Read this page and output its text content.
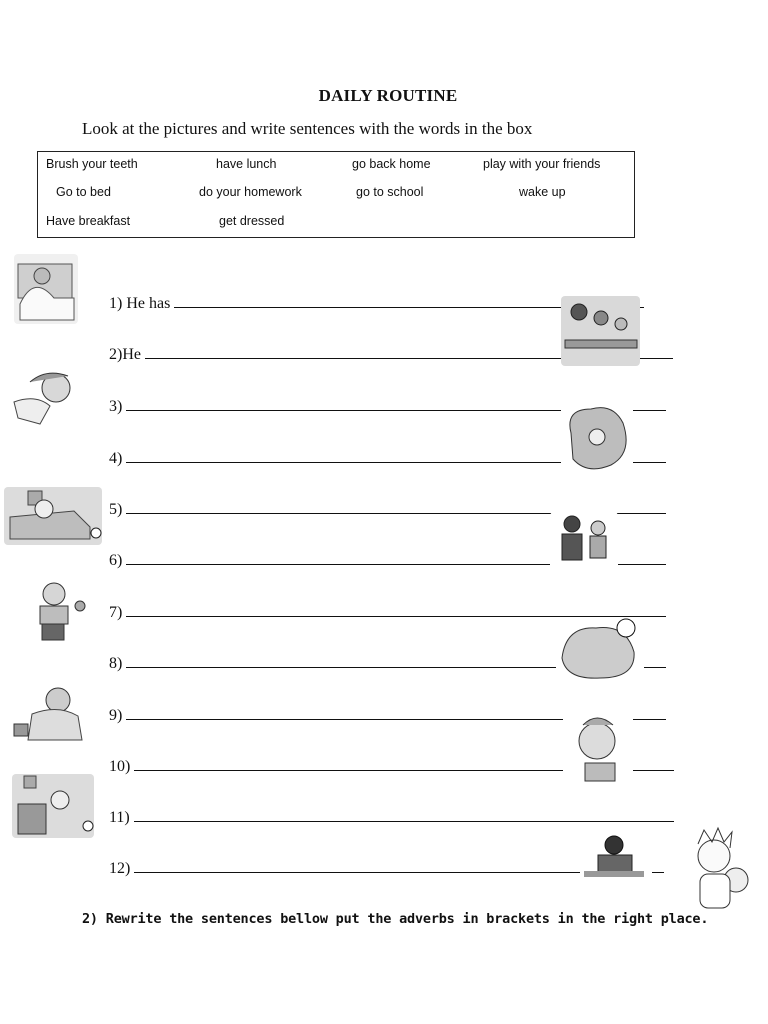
DAILY ROUTINE
Look at the pictures and write sentences with the words in the box
Brush your teeth	have lunch	go back home	play with your friends
Go to bed	do your homework	go to school	wake up
Have breakfast	get dressed
1) He has
2)He
3)
4)
5)
6)
7)
8)
9)
10)
11)
12)
2) Rewrite the sentences bellow put the adverbs in brackets in the right place.
